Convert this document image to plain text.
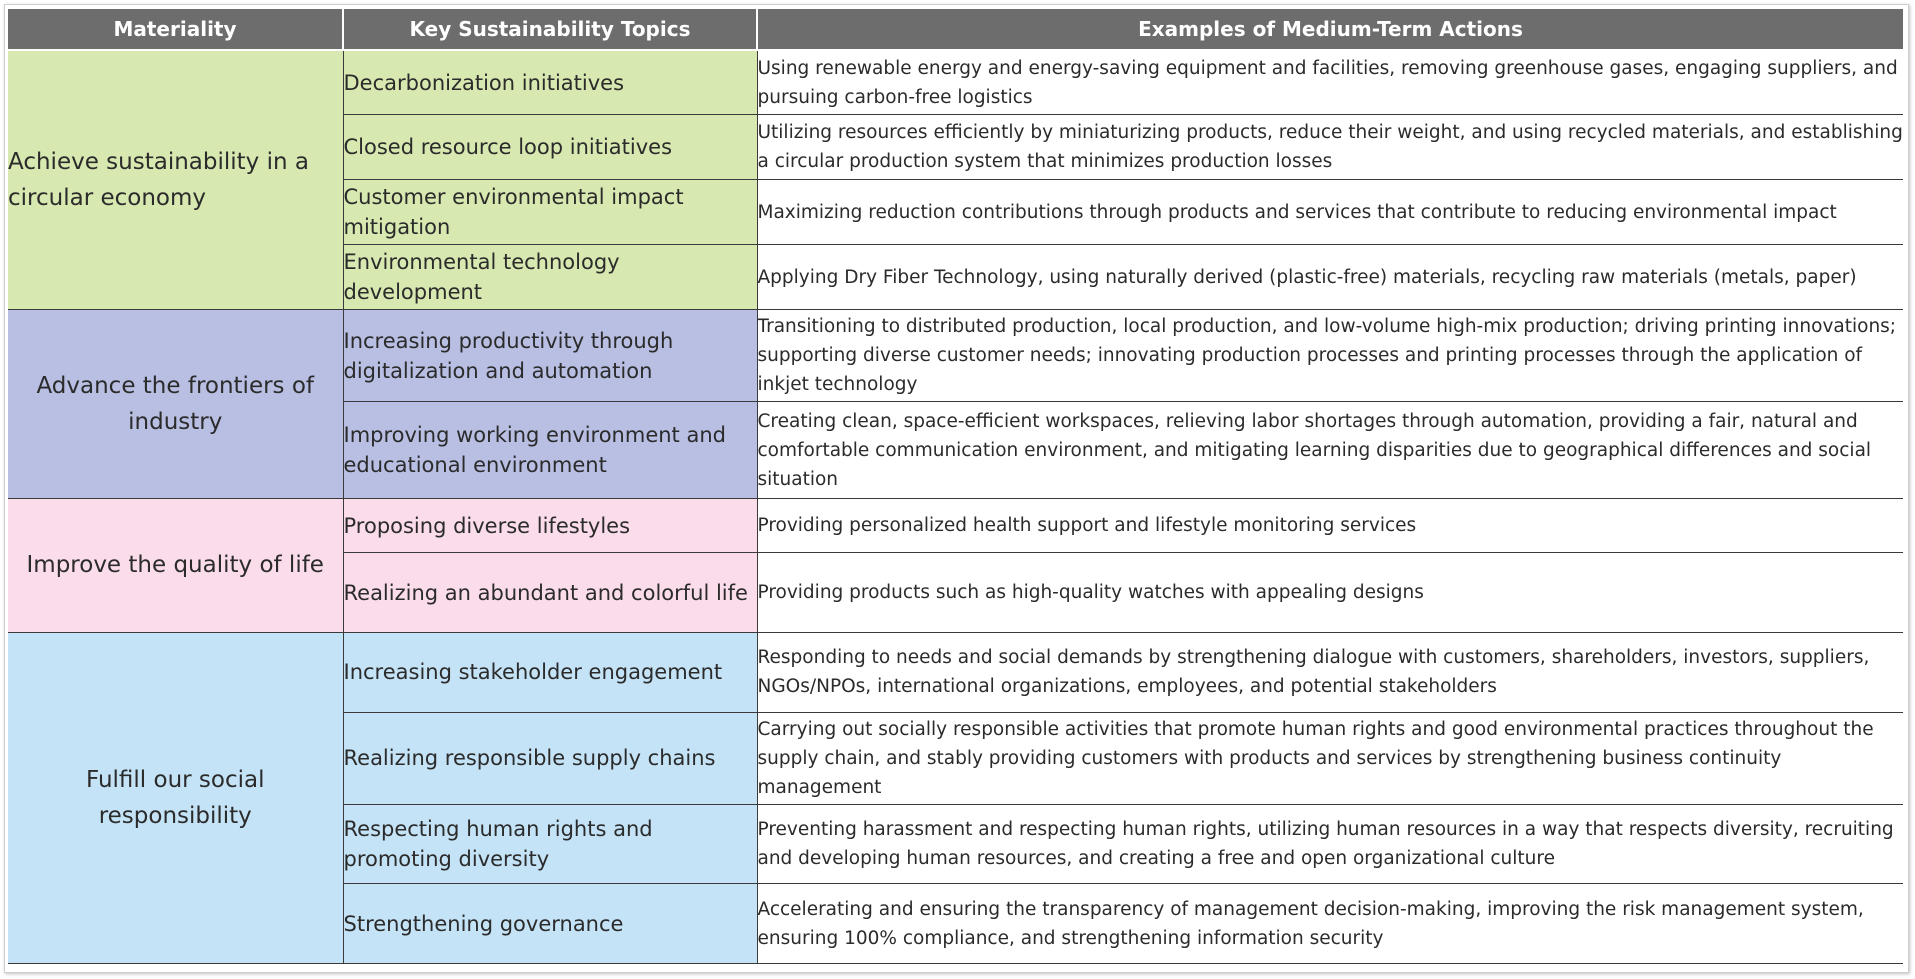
Materiality	Key Sustainability Topics	Examples of Medium-Term Actions
Achieve sustainability in a circular economy	Decarbonization initiatives	Using renewable energy and energy-saving equipment and facilities, removing greenhouse gases, engaging suppliers, and pursuing carbon-free logistics
	Closed resource loop initiatives	Utilizing resources efficiently by miniaturizing products, reduce their weight, and using recycled materials, and establishing a circular production system that minimizes production losses
	Customer environmental impact mitigation	Maximizing reduction contributions through products and services that contribute to reducing environmental impact
	Environmental technology development	Applying Dry Fiber Technology, using naturally derived (plastic-free) materials, recycling raw materials (metals, paper)
Advance the frontiers of industry	Increasing productivity through digitalization and automation	Transitioning to distributed production, local production, and low-volume high-mix production; driving printing innovations; supporting diverse customer needs; innovating production processes and printing processes through the application of inkjet technology
	Improving working environment and educational environment	Creating clean, space-efficient workspaces, relieving labor shortages through automation, providing a fair, natural and comfortable communication environment, and mitigating learning disparities due to geographical differences and social situation
Improve the quality of life	Proposing diverse lifestyles	Providing personalized health support and lifestyle monitoring services
	Realizing an abundant and colorful life	Providing products such as high-quality watches with appealing designs
Fulfill our social responsibility	Increasing stakeholder engagement	Responding to needs and social demands by strengthening dialogue with customers, shareholders, investors, suppliers, NGOs/NPOs, international organizations, employees, and potential stakeholders
	Realizing responsible supply chains	Carrying out socially responsible activities that promote human rights and good environmental practices throughout the supply chain, and stably providing customers with products and services by strengthening business continuity management
	Respecting human rights and promoting diversity	Preventing harassment and respecting human rights, utilizing human resources in a way that respects diversity, recruiting and developing human resources, and creating a free and open organizational culture
	Strengthening governance	Accelerating and ensuring the transparency of management decision-making, improving the risk management system, ensuring 100% compliance, and strengthening information security
